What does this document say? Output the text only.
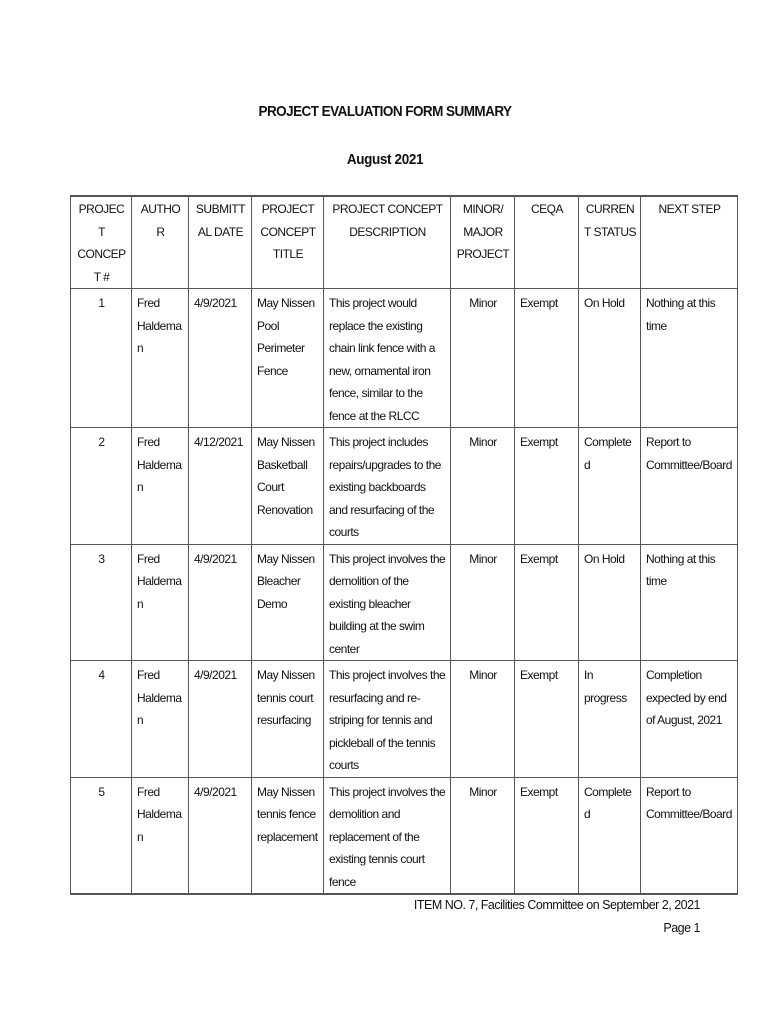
PROJECT EVALUATION FORM SUMMARY
August 2021
PROJECT CONCEPT #	AUTHOR	SUBMITTAL DATE	PROJECT CONCEPT TITLE	PROJECT CONCEPT DESCRIPTION	MINOR/ MAJOR PROJECT	CEQA	CURRENT STATUS	NEXT STEP
1	Fred Haldeman	4/9/2021	May Nissen Pool Perimeter Fence	This project would replace the existing chain link fence with a new, ornamental iron fence, similar to the fence at the RLCC	Minor	Exempt	On Hold	Nothing at this time
2	Fred Haldeman	4/12/2021	May Nissen Basketball Court Renovation	This project includes repairs/upgrades to the existing backboards and resurfacing of the courts	Minor	Exempt	Completed	Report to Committee/Board
3	Fred Haldeman	4/9/2021	May Nissen Bleacher Demo	This project involves the demolition of the existing bleacher building at the swim center	Minor	Exempt	On Hold	Nothing at this time
4	Fred Haldeman	4/9/2021	May Nissen tennis court resurfacing	This project involves the resurfacing and re-striping for tennis and pickleball of the tennis courts	Minor	Exempt	In progress	Completion expected by end of August, 2021
5	Fred Haldeman	4/9/2021	May Nissen tennis fence replacement	This project involves the demolition and replacement of the existing tennis court fence	Minor	Exempt	Completed	Report to Committee/Board
ITEM NO. 7, Facilities Committee on September 2, 2021
Page 1
